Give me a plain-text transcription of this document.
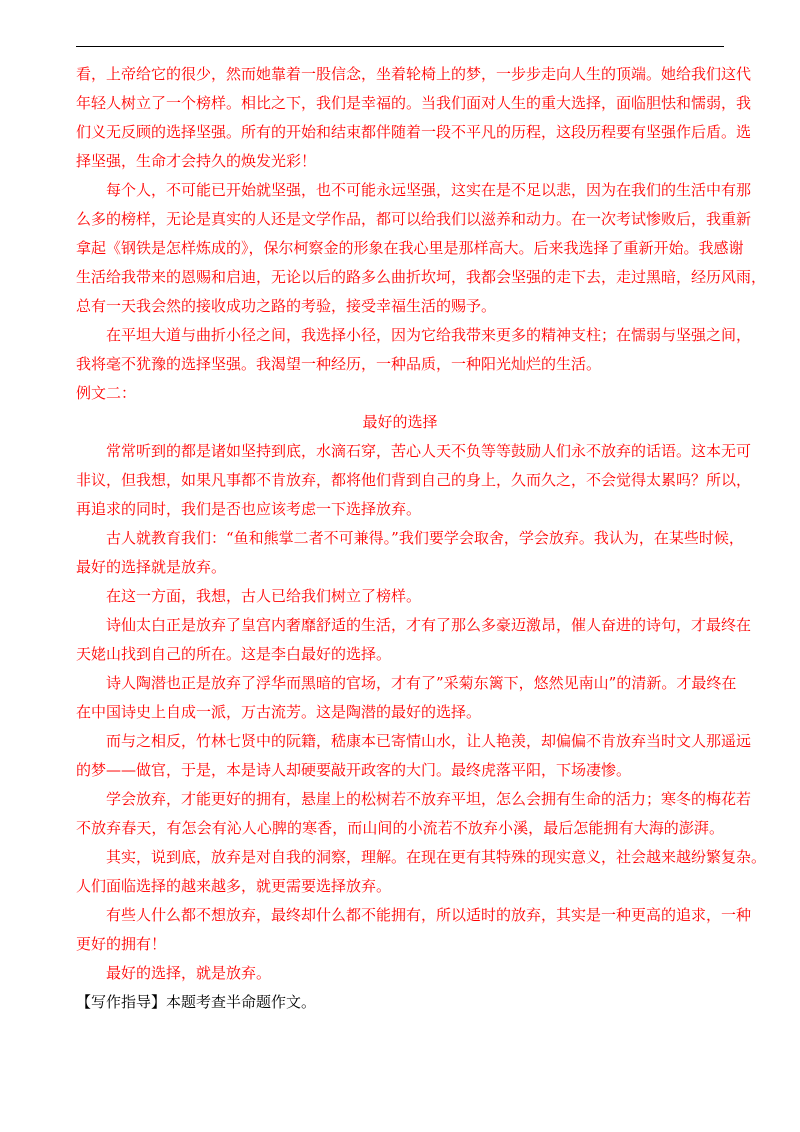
看，上帝给它的很少，然而她靠着一股信念，坐着轮椅上的梦，一步步走向人生的顶端。她给我们这代
年轻人树立了一个榜样。相比之下，我们是幸福的。当我们面对人生的重大选择，面临胆怯和懦弱，我
们义无反顾的选择坚强。所有的开始和结束都伴随着一段不平凡的历程，这段历程要有坚强作后盾。选
择坚强，生命才会持久的焕发光彩！
每个人，不可能已开始就坚强，也不可能永远坚强，这实在是不足以悲，因为在我们的生活中有那
么多的榜样，无论是真实的人还是文学作品，都可以给我们以滋养和动力。在一次考试惨败后，我重新
拿起《钢铁是怎样炼成的》，保尔柯察金的形象在我心里是那样高大。后来我选择了重新开始。我感谢
生活给我带来的恩赐和启迪，无论以后的路多么曲折坎坷，我都会坚强的走下去，走过黑暗，经历风雨，
总有一天我会然的接收成功之路的考验，接受幸福生活的赐予。
在平坦大道与曲折小径之间，我选择小径，因为它给我带来更多的精神支柱；在懦弱与坚强之间，
我将毫不犹豫的选择坚强。我渴望一种经历，一种品质，一种阳光灿烂的生活。
例文二：
最好的选择
常常听到的都是诸如坚持到底，水滴石穿，苦心人天不负等等鼓励人们永不放弃的话语。这本无可
非议，但我想，如果凡事都不肯放弃，都将他们背到自己的身上，久而久之，不会觉得太累吗？所以，
再追求的同时，我们是否也应该考虑一下选择放弃。
古人就教育我们：“鱼和熊掌二者不可兼得。”我们要学会取舍，学会放弃。我认为，在某些时候，
最好的选择就是放弃。
在这一方面，我想，古人已给我们树立了榜样。
诗仙太白正是放弃了皇宫内奢靡舒适的生活，才有了那么多豪迈激昂，催人奋进的诗句，才最终在
天姥山找到自己的所在。这是李白最好的选择。
诗人陶潜也正是放弃了浮华而黑暗的官场，才有了”采菊东篱下，悠然见南山”的清新。才最终在
在中国诗史上自成一派，万古流芳。这是陶潜的最好的选择。
而与之相反，竹林七贤中的阮籍，嵇康本已寄情山水，让人艳羡，却偏偏不肯放弃当时文人那遥远
的梦——做官，于是，本是诗人却硬要敲开政客的大门。最终虎落平阳，下场凄惨。
学会放弃，才能更好的拥有，悬崖上的松树若不放弃平坦，怎么会拥有生命的活力；寒冬的梅花若
不放弃春天，有怎会有沁人心脾的寒香，而山间的小流若不放弃小溪，最后怎能拥有大海的澎湃。
其实，说到底，放弃是对自我的洞察，理解。在现在更有其特殊的现实意义，社会越来越纷繁复杂。
人们面临选择的越来越多，就更需要选择放弃。
有些人什么都不想放弃，最终却什么都不能拥有，所以适时的放弃，其实是一种更高的追求，一种
更好的拥有！
最好的选择，就是放弃。
【写作指导】本题考查半命题作文。
